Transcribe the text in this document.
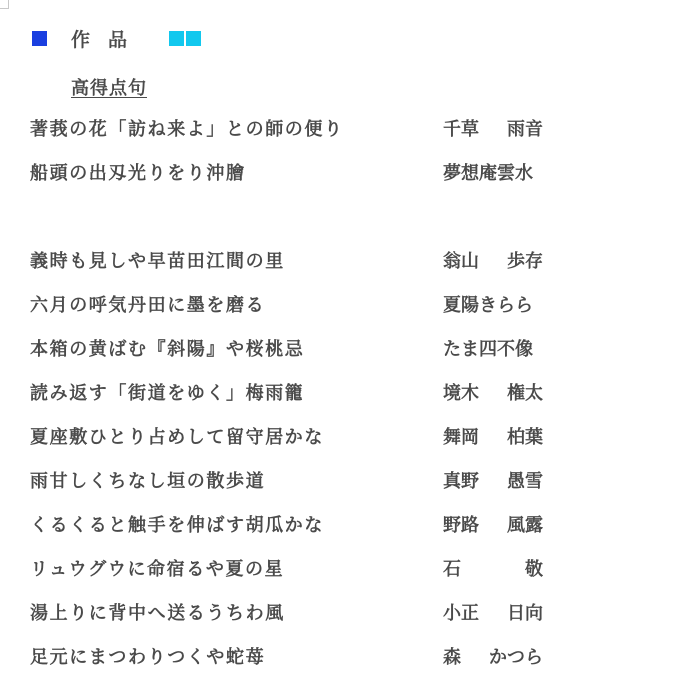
作品
高得点句
著莪の花「訪ね来よ」との師の便り	千草 雨音
船頭の出刄光りをり沖膾	夢想庵雲水
義時も見しや早苗田江間の里	翁山 歩存
六月の呼気丹田に墨を磨る	夏陽きらら
本箱の黄ばむ『斜陽』や桜桃忌	たま四不像
読み返す「街道をゆく」梅雨籠	境木 権太
夏座敷ひとり占めして留守居かな	舞岡 柏葉
雨甘しくちなし垣の散歩道	真野 愚雪
くるくると触手を伸ばす胡瓜かな	野路 風露
リュウグウに命宿るや夏の星	石	敬
湯上りに背中へ送るうちわ風	小正 日向
足元にまつわりつくや蛇苺	森 かつら
